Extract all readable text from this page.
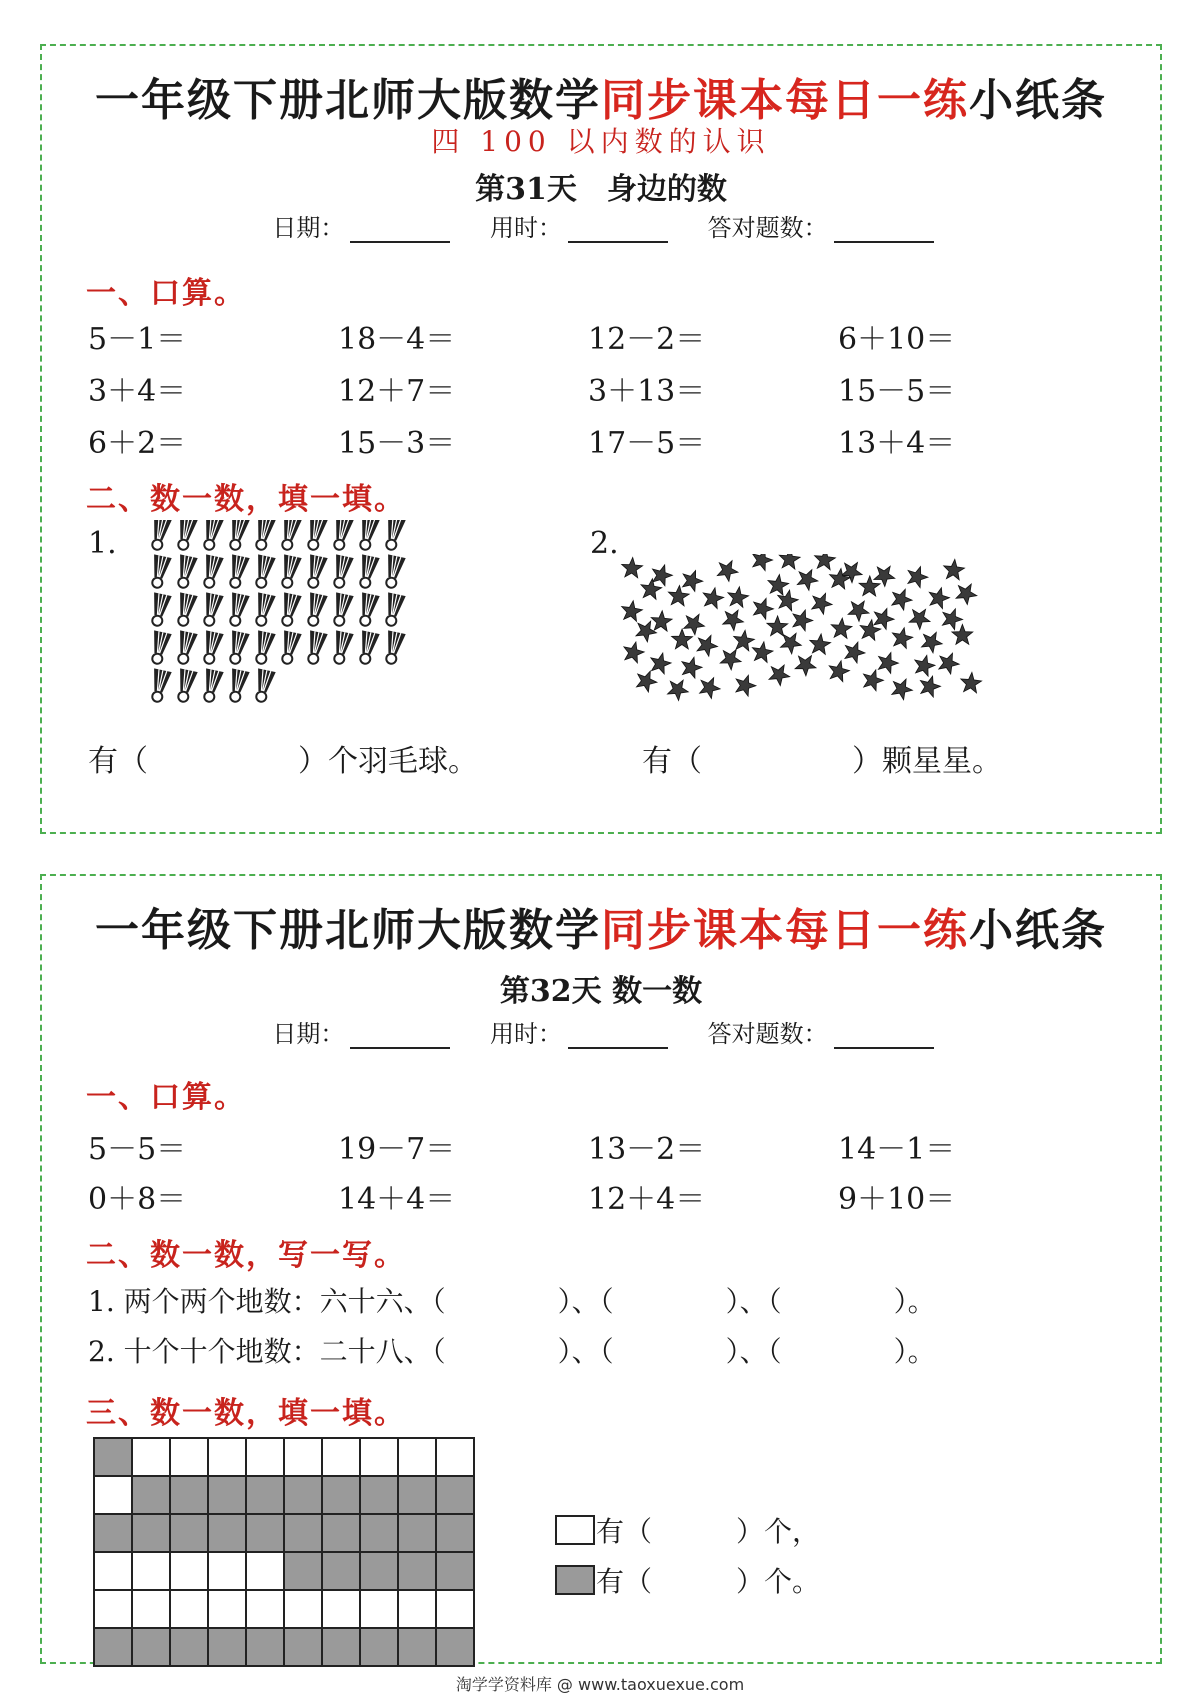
一年级下册北师大版数学同步课本每日一练小纸条
四 100 以内数的认识
第31天　身边的数
日期：	用时：	答对题数：
一、口算。
5－1＝	18－4＝	12－2＝	6＋10＝
3＋4＝	12＋7＝	3＋13＝	15－5＝
6＋2＝	15－3＝	17－5＝	13＋4＝
二、数一数，填一填。
1.	2.
有（　　　　　）个羽毛球。	有（　　　　　）颗星星。
一年级下册北师大版数学同步课本每日一练小纸条
第32天 数一数
日期：	用时：	答对题数：
一、口算。
5－5＝	19－7＝	13－2＝	14－1＝
0＋8＝	14＋4＝	12＋4＝	9＋10＝
二、数一数，写一写。
1. 两个两个地数：六十六、（　　　　）、（　　　　）、（　　　　）。
2. 十个十个地数：二十八、（　　　　）、（　　　　）、（　　　　）。
三、数一数，填一填。
有（　　　）个，
有（　　　）个。
淘学学资料库 @ www.taoxuexue.com
